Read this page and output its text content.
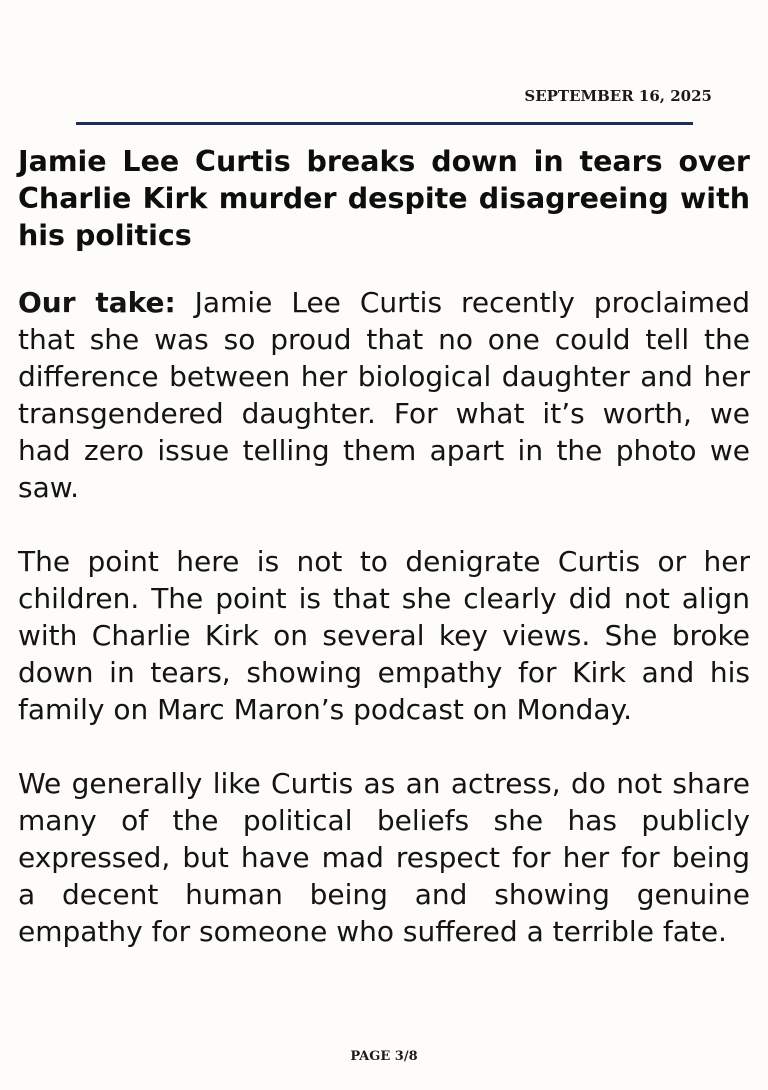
SEPTEMBER 16, 2025

Jamie Lee Curtis breaks down in tears over Charlie Kirk murder despite disagreeing with his politics

Our take: Jamie Lee Curtis recently proclaimed that she was so proud that no one could tell the difference between her biological daughter and her transgendered daughter. For what it’s worth, we had zero issue telling them apart in the photo we saw.

The point here is not to denigrate Curtis or her children. The point is that she clearly did not align with Charlie Kirk on several key views. She broke down in tears, showing empathy for Kirk and his family on Marc Maron’s podcast on Monday.

We generally like Curtis as an actress, do not share many of the political beliefs she has publicly expressed, but have mad respect for her for being a decent human being and showing genuine empathy for someone who suffered a terrible fate.

PAGE 3/8
